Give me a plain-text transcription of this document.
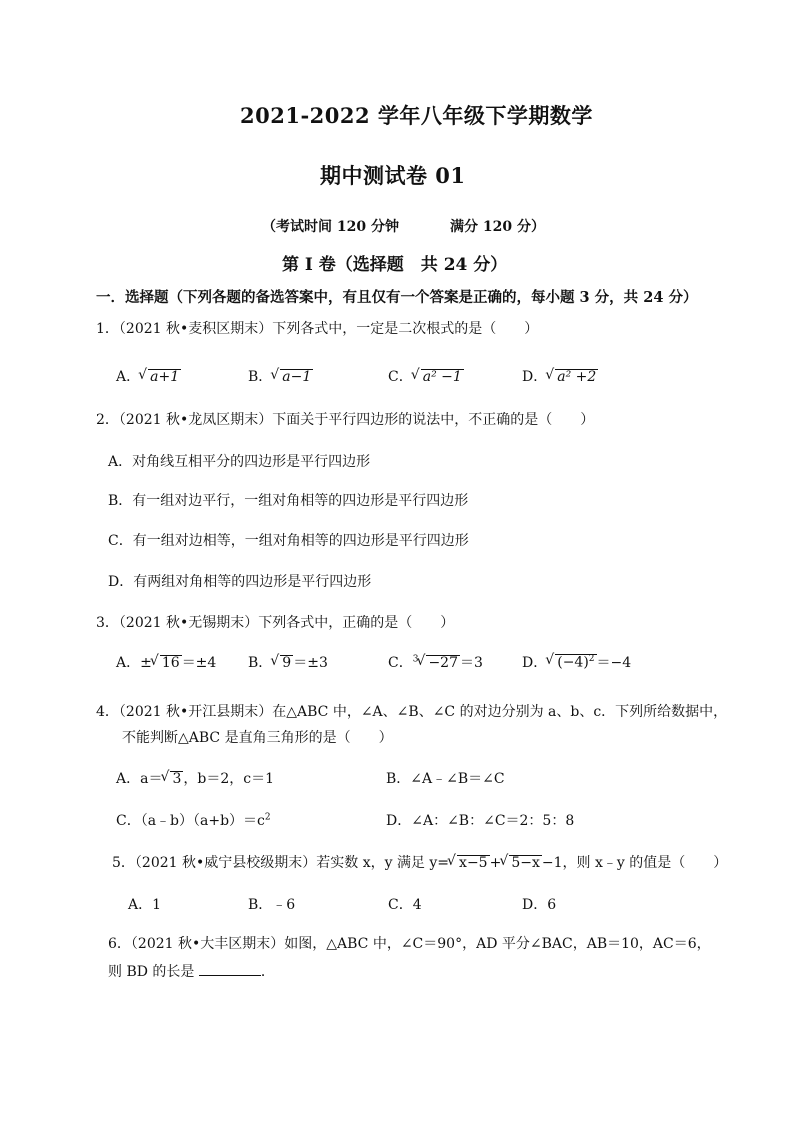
2021-2022 学年八年级下学期数学
期中测试卷 01
（考试时间 120 分钟	满分 120 分）
第 I 卷（选择题　共 24 分）
一．选择题（下列各题的备选答案中，有且仅有一个答案是正确的，每小题 3 分，共 24 分）
1．（2021 秋•麦积区期末）下列各式中，一定是二次根式的是（　　）
A． √ a+1	B． √ a−1	C． √ a² −1	D． √ a² +2
2．（2021 秋•龙凤区期末）下面关于平行四边形的说法中，不正确的是（　　）
A．对角线互相平分的四边形是平行四边形
B．有一组对边平行，一组对角相等的四边形是平行四边形
C．有一组对边相等，一组对角相等的四边形是平行四边形
D．有两组对角相等的四边形是平行四边形
3．（2021 秋•无锡期末）下列各式中，正确的是（　　）
A．± √ 16 ＝±4 B． √ 9 ＝±3	C．$^3$ √ −27 ＝3	D． √ $(-4)^2 =-4$
4．（2021 秋•开江县期末）在△ABC 中，∠A、∠B、∠C 的对边分别为 a、b、c．下列所给数据中，
不能判断△ABC 是直角三角形的是（　　）
A．a＝ √ 3 ，b＝2，c＝1	B．∠A﹣∠B＝∠C
C．$(a﹣b)(a+b)=c^2$	D．∠A：∠B：∠C＝2：5：8
5．（2021 秋•威宁县校级期末）若实数 x，y 满足 y= √ x−5 + √ 5−x −1，则 x﹣y 的值是（　　）
A．1	B．﹣6	C．4	D．6
6．（2021 秋•大丰区期末）如图，△ABC 中，∠C＝90°，AD 平分∠BAC，AB＝10，AC＝6，
则 BD 的长是	．
